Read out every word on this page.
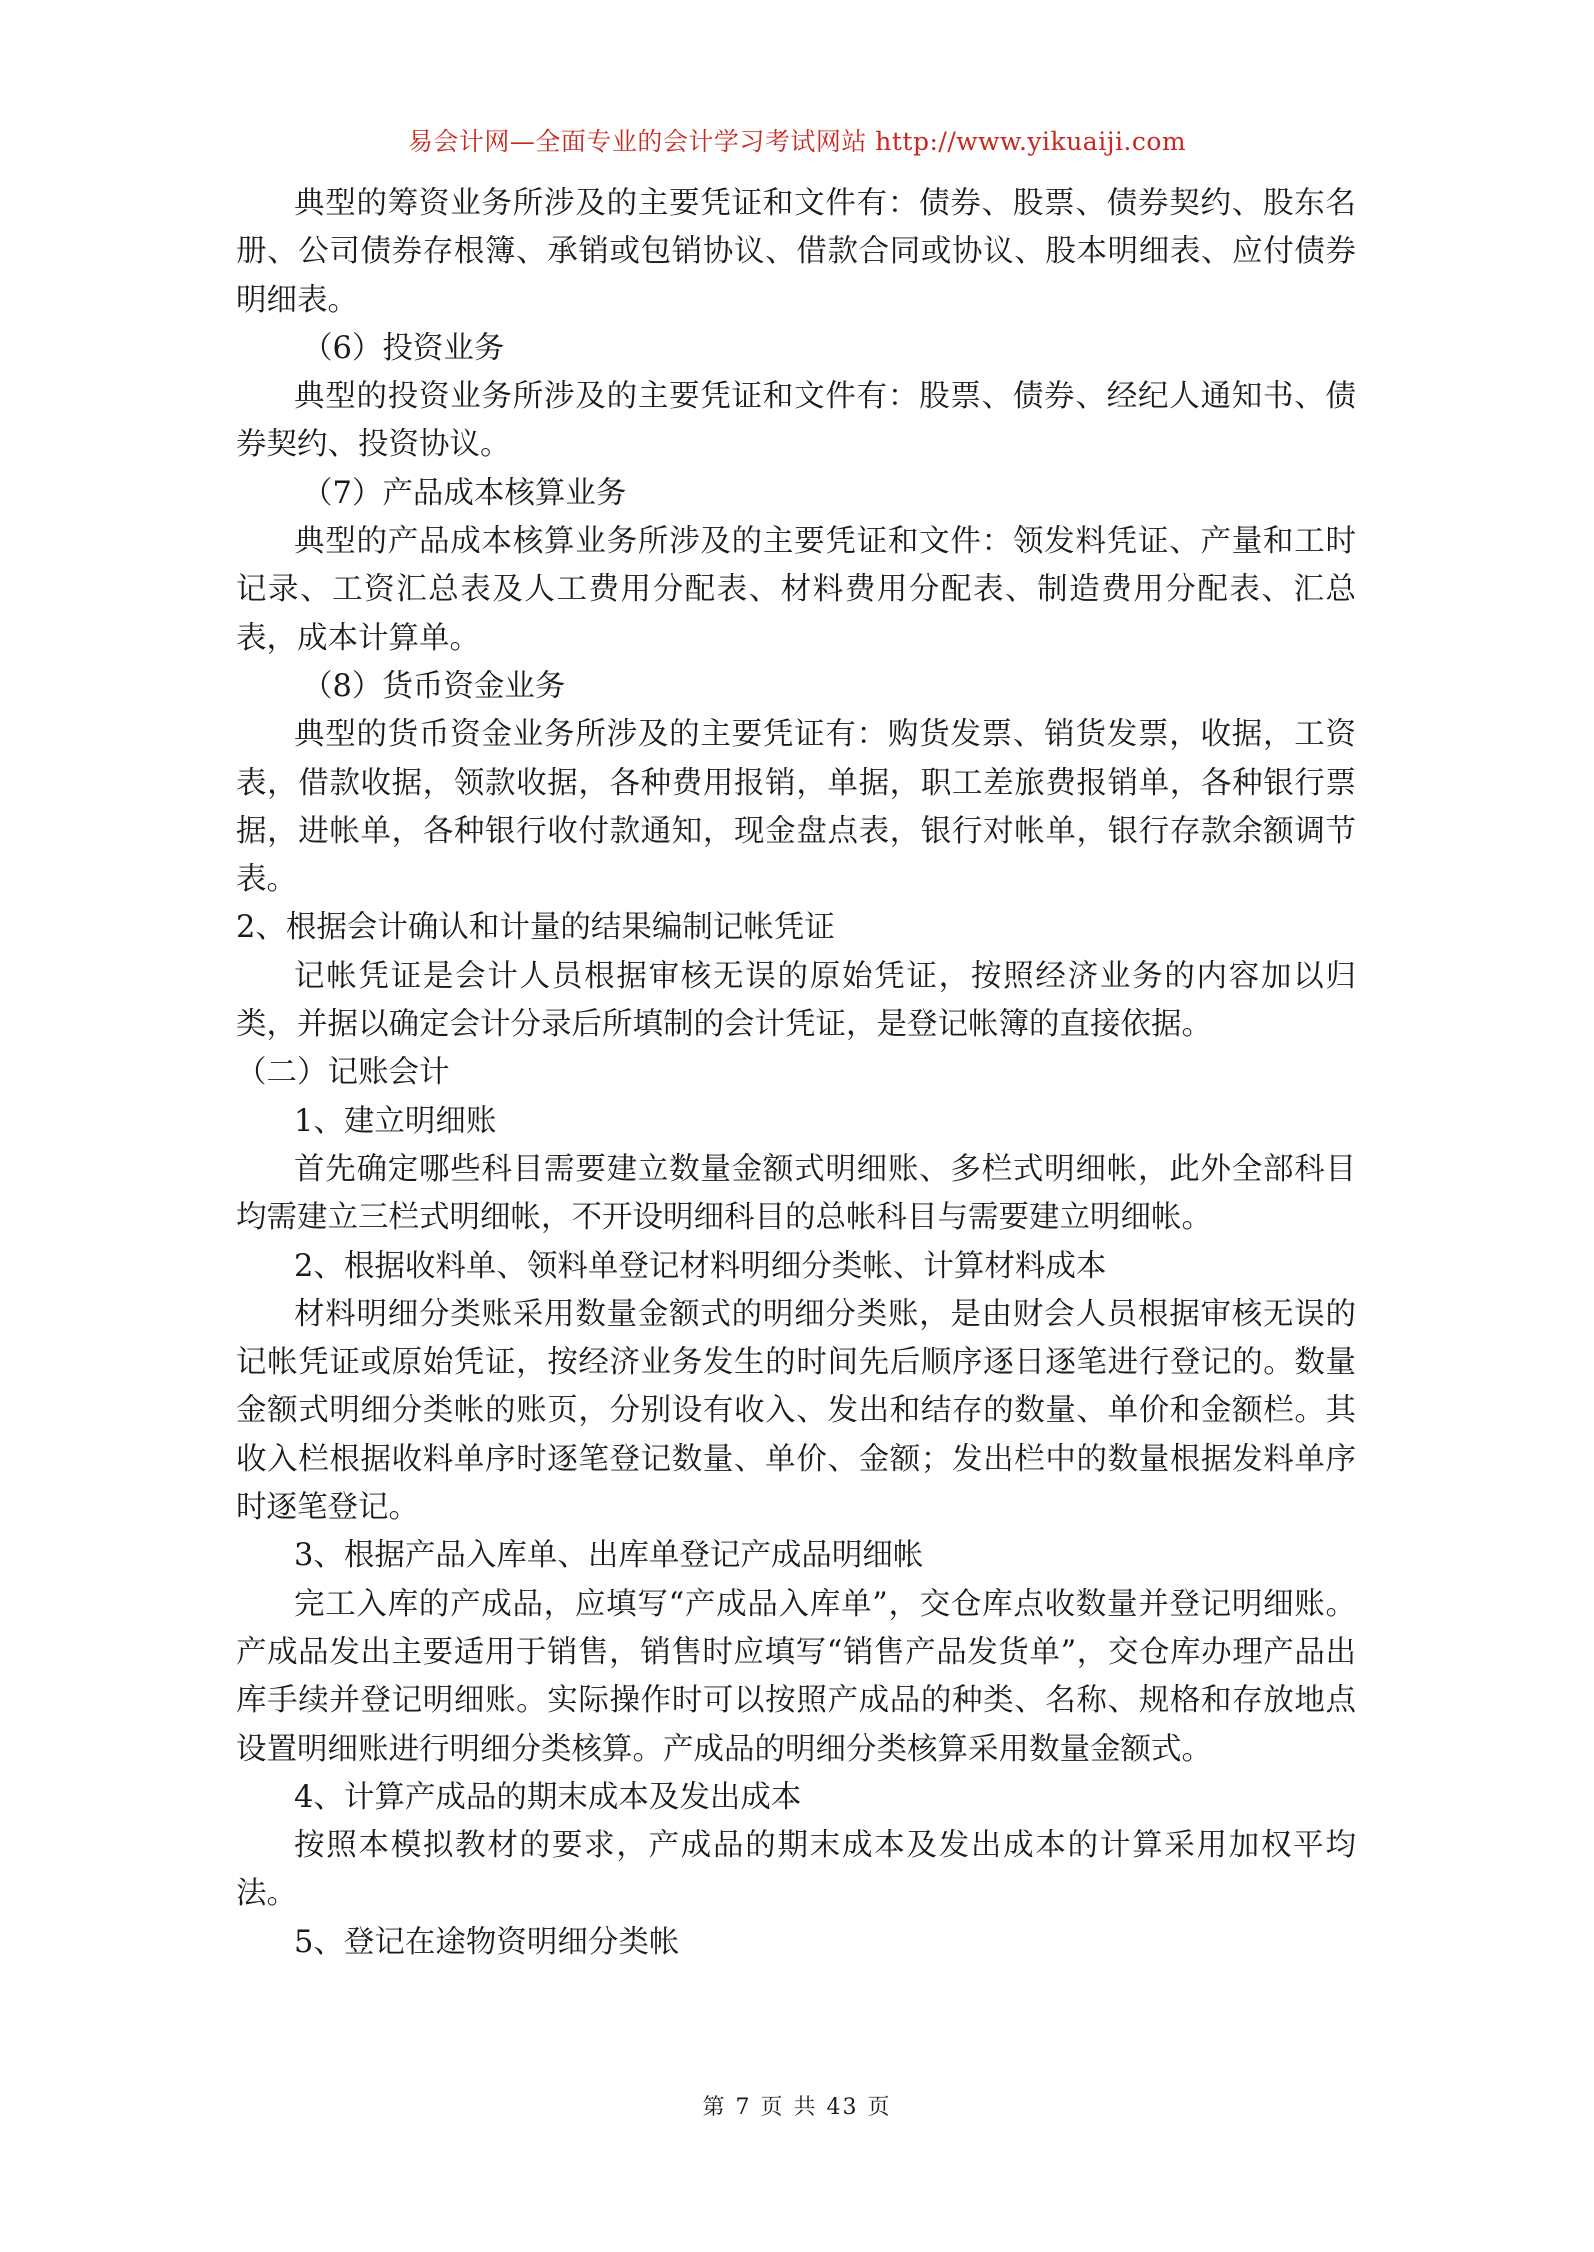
易会计网—全面专业的会计学习考试网站 http://www.yikuaiji.com

典型的筹资业务所涉及的主要凭证和文件有：债券、股票、债券契约、股东名册、公司债券存根簿、承销或包销协议、借款合同或协议、股本明细表、应付债券明细表。

（6）投资业务

典型的投资业务所涉及的主要凭证和文件有：股票、债券、经纪人通知书、债券契约、投资协议。

（7）产品成本核算业务

典型的产品成本核算业务所涉及的主要凭证和文件：领发料凭证、产量和工时记录、工资汇总表及人工费用分配表、材料费用分配表、制造费用分配表、汇总表，成本计算单。

（8）货币资金业务

典型的货币资金业务所涉及的主要凭证有：购货发票、销货发票，收据，工资表，借款收据，领款收据，各种费用报销，单据，职工差旅费报销单，各种银行票据，进帐单，各种银行收付款通知，现金盘点表，银行对帐单，银行存款余额调节表。

2、根据会计确认和计量的结果编制记帐凭证

记帐凭证是会计人员根据审核无误的原始凭证，按照经济业务的内容加以归类，并据以确定会计分录后所填制的会计凭证，是登记帐簿的直接依据。

（二）记账会计

1、建立明细账

首先确定哪些科目需要建立数量金额式明细账、多栏式明细帐，此外全部科目均需建立三栏式明细帐，不开设明细科目的总帐科目与需要建立明细帐。

2、根据收料单、领料单登记材料明细分类帐、计算材料成本

材料明细分类账采用数量金额式的明细分类账，是由财会人员根据审核无误的记帐凭证或原始凭证，按经济业务发生的时间先后顺序逐日逐笔进行登记的。数量金额式明细分类帐的账页，分别设有收入、发出和结存的数量、单价和金额栏。其收入栏根据收料单序时逐笔登记数量、单价、金额；发出栏中的数量根据发料单序时逐笔登记。

3、根据产品入库单、出库单登记产成品明细帐

完工入库的产成品，应填写“产成品入库单”，交仓库点收数量并登记明细账。产成品发出主要适用于销售，销售时应填写“销售产品发货单”，交仓库办理产品出库手续并登记明细账。实际操作时可以按照产成品的种类、名称、规格和存放地点设置明细账进行明细分类核算。产成品的明细分类核算采用数量金额式。

4、计算产成品的期末成本及发出成本

按照本模拟教材的要求，产成品的期末成本及发出成本的计算采用加权平均法。

5、登记在途物资明细分类帐

第 7 页 共 43 页
